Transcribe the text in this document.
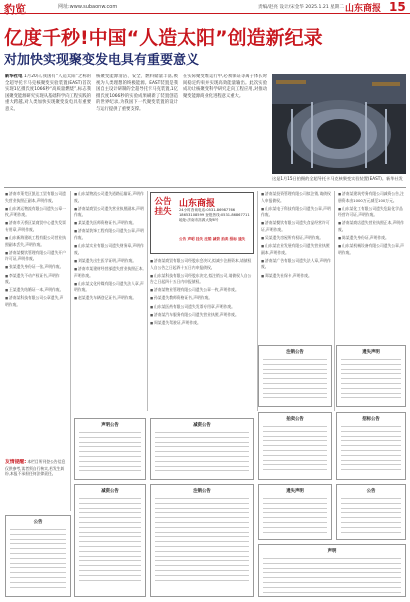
豹览	网址:www.subaonw.com	责编/赵亮 设计/宋金华 2025.1.21 星期二 山东商报 15
亿度千秒!中国“人造太阳”创造新纪录
对加快实现聚变发电具有重要意义
新华社电 1月20日,我国有“人造太阳”之称的全超导托卡马克核聚变实验装置(EAST)首次实现1亿摄氏度1066秒“高质量燃烧”,标志我国聚变能源研究实现从基础科学向工程实践的重大跨越,对人类加快实现聚变发电具有重要意义。
核聚变能源清洁、安全、燃料储量丰富,被视为人类理想的终极能源。EAST装置是我国自主设计研制的全超导托卡马克装置,1亿摄氏度1066秒的实验成果刷新了装置创造的世界纪录,为我国下一代聚变装置的设计与运行提供了重要支撑。
在实际聚变堆运行中,必须保证等离子体长时间稳定约束并实现高效能量输出。此次实验成功让核聚变科学研究走向工程应用,对推动聚变能源商业化进程意义重大。
这是1月15日拍摄的全超导托卡马克核聚变实验装置(EAST)。新华社发
■ 济南市莱芜区凯达工贸有限公司遗失营业执照正副本,声明作废。
■ 山东鸿运物流有限公司遗失公章一枚,声明作废。
■ 济南市天桥区某商贸中心遗失发票专用章,声明作废。
■ 山东新海建筑工程有限公司营业执照副本丢失,声明作废。
■ 济南某餐饮管理有限公司遗失开户许可证,声明作废。
■ 张某遗失身份证一张,声明作废。
■ 李某遗失不动产权证书,声明作废。
■ 王某遗失结婚证一本,声明作废。
■ 济南某科技有限公司公章遗失,声明作废。
友情提醒: 本栏目所刊登公告信息仅供参考,读者须自行核实,若发生纠纷,本报不承担任何法律责任。
■ 山东某物流公司遗失道路运输证,声明作废。
■ 济南某商贸公司遗失营业执照副本,声明作废。
■ 某某遗失医师资格证书,声明作废。
■ 济南某装饰工程有限公司遗失公章,声明作废。
■ 山东某实业有限公司遗失财务章,声明作废。
■ 刘某遗失出生医学证明,声明作废。
■ 济南市某建材经营部遗失营业执照正本,声明作废。
■ 山东某文化传媒有限公司遗失法人章,声明作废。
■ 赵某遗失车辆登记证书,声明作废。
公告
挂失
山东商报
24小时咨询电话:0531-86987766 18653108599 登报热线:0531-86867711 地址:济南市泺源大街6号
公告 声明 挂失 注销 减资 拍卖 招标 遗失
■ 济南某商贸有限公司经股东会决议,拟减少注册资本,请债权人自公告之日起四十五日内申报债权。
■ 山东某科技有限公司经股东决定,拟注销公司,请债权人自公告之日起四十五日内申报债权。
■ 济南某物业管理有限公司遗失公章一枚,声明作废。
■ 孙某遗失教师资格证书,声明作废。
■ 山东某医药有限公司遗失发票专用章,声明作废。
■ 济南某汽车服务有限公司遗失营业执照,声明作废。
■ 周某遗失驾驶证,声明作废。
■ 济南某投资管理有限公司拟注销,请债权人申报债权。
■ 山东某电子科技有限公司遗失公章,声明作废。
■ 济南某餐饮有限公司遗失食品经营许可证,声明作废。
■ 吴某遗失房屋所有权证,声明作废。
■ 山东某农业发展有限公司遗失营业执照副本,声明作废。
■ 济南某广告有限公司遗失法人章,声明作废。
■ 郑某遗失社保卡,声明作废。
■ 济南某建筑劳务有限公司减资公告,注册资本由1000万元减至100万元。
■ 山东某化工有限公司遗失危险化学品经营许可证,声明作废。
■ 济南某商店遗失营业执照正本,声明作废。
■ 陈某遗失身份证,声明作废。
■ 山东某机械设备有限公司遗失公章,声明作废。
声明公告	减资公告
注销公告	遗失声明
拍卖公告	招标公告
公告
减资公告	注销公告	遗失声明	公告
声明
